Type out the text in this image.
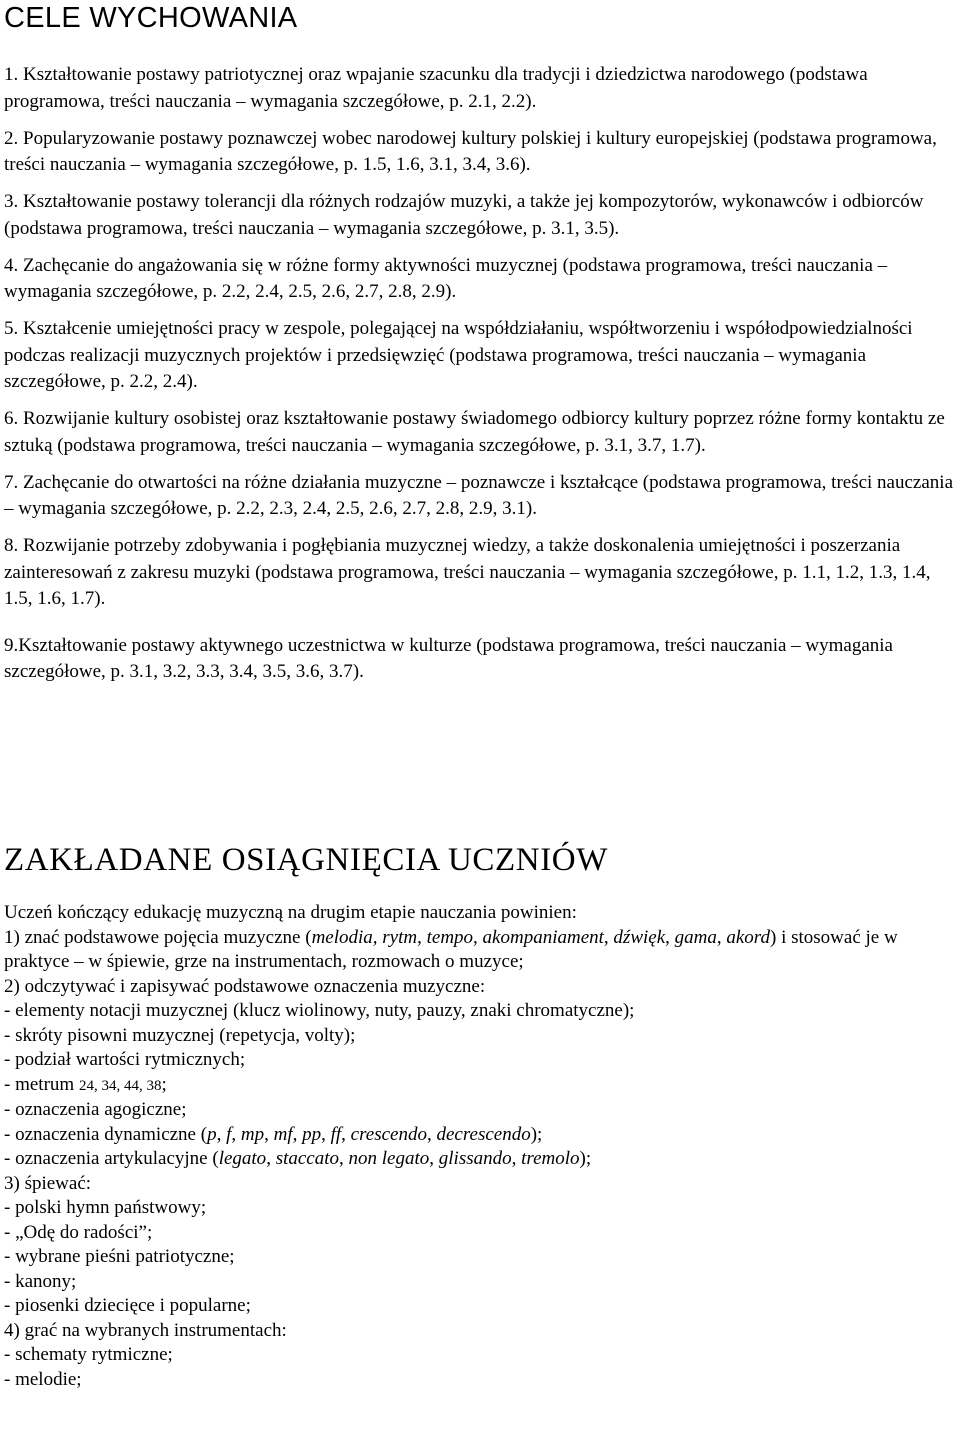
CELE WYCHOWANIA

1. Kształtowanie postawy patriotycznej oraz wpajanie szacunku dla tradycji i dziedzictwa narodowego (podstawa programowa, treści nauczania – wymagania szczegółowe, p. 2.1, 2.2).

2. Popularyzowanie postawy poznawczej wobec narodowej kultury polskiej i kultury europejskiej (podstawa programowa, treści nauczania – wymagania szczegółowe, p. 1.5, 1.6, 3.1, 3.4, 3.6).

3. Kształtowanie postawy tolerancji dla różnych rodzajów muzyki, a także jej kompozytorów, wykonawców i odbiorców (podstawa programowa, treści nauczania – wymagania szczegółowe, p. 3.1, 3.5).

4. Zachęcanie do angażowania się w różne formy aktywności muzycznej (podstawa programowa, treści nauczania – wymagania szczegółowe, p. 2.2, 2.4, 2.5, 2.6, 2.7, 2.8, 2.9).

5. Kształcenie umiejętności pracy w zespole, polegającej na współdziałaniu, współtworzeniu i współodpowiedzialności podczas realizacji muzycznych projektów i przedsięwzięć (podstawa programowa, treści nauczania – wymagania szczegółowe, p. 2.2, 2.4).

6. Rozwijanie kultury osobistej oraz kształtowanie postawy świadomego odbiorcy kultury poprzez różne formy kontaktu ze sztuką (podstawa programowa, treści nauczania – wymagania szczegółowe, p. 3.1, 3.7, 1.7).

7. Zachęcanie do otwartości na różne działania muzyczne – poznawcze i kształcące (podstawa programowa, treści nauczania – wymagania szczegółowe, p. 2.2, 2.3, 2.4, 2.5, 2.6, 2.7, 2.8, 2.9, 3.1).

8. Rozwijanie potrzeby zdobywania i pogłębiania muzycznej wiedzy, a także doskonalenia umiejętności i poszerzania zainteresowań z zakresu muzyki (podstawa programowa, treści nauczania – wymagania szczegółowe, p. 1.1, 1.2, 1.3, 1.4, 1.5, 1.6, 1.7).

9.Kształtowanie postawy aktywnego uczestnictwa w kulturze (podstawa programowa, treści nauczania – wymagania szczegółowe, p. 3.1, 3.2, 3.3, 3.4, 3.5, 3.6, 3.7).

ZAKŁADANE OSIĄGNIĘCIA UCZNIÓW

Uczeń kończący edukację muzyczną na drugim etapie nauczania powinien:

1) znać podstawowe pojęcia muzyczne (melodia, rytm, tempo, akompaniament, dźwięk, gama, akord) i stosować je w praktyce – w śpiewie, grze na instrumentach, rozmowach o muzyce;

2) odczytywać i zapisywać podstawowe oznaczenia muzyczne:

- elementy notacji muzycznej (klucz wiolinowy, nuty, pauzy, znaki chromatyczne);

- skróty pisowni muzycznej (repetycja, volty);

- podział wartości rytmicznych;

- metrum 24, 34, 44, 38;

- oznaczenia agogiczne;

- oznaczenia dynamiczne (p, f, mp, mf, pp, ff, crescendo, decrescendo);

- oznaczenia artykulacyjne (legato, staccato, non legato, glissando, tremolo);

3) śpiewać:

- polski hymn państwowy;

- „Odę do radości”;

- wybrane pieśni patriotyczne;

- kanony;

- piosenki dziecięce i popularne;

4) grać na wybranych instrumentach:

- schematy rytmiczne;

- melodie;
